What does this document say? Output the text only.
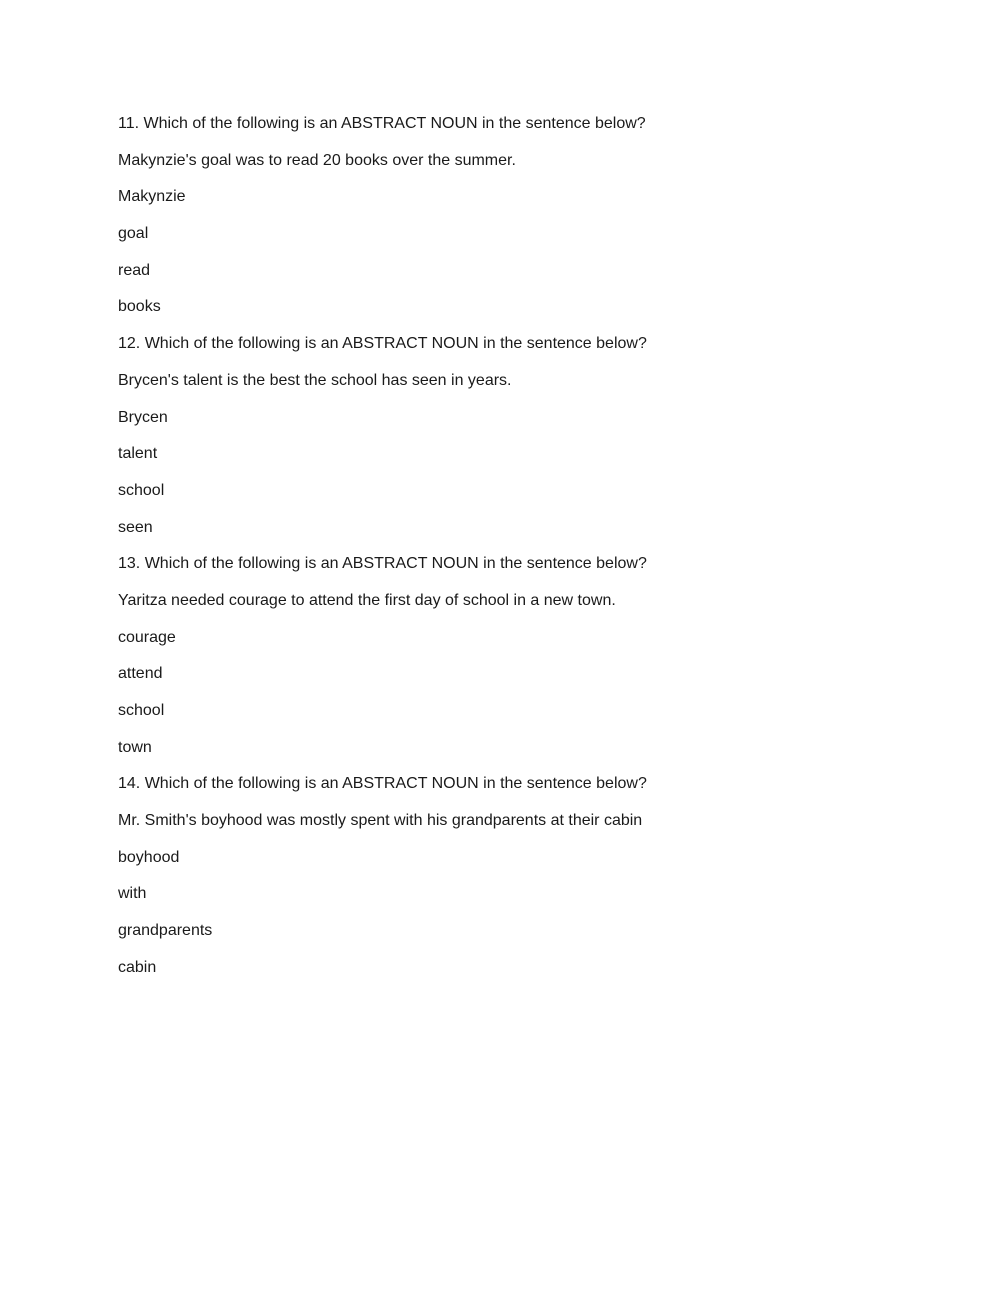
11. Which of the following is an ABSTRACT NOUN in the sentence below?
Makynzie's goal was to read 20 books over the summer.
Makynzie
goal
read
books
12. Which of the following is an ABSTRACT NOUN in the sentence below?
Brycen's talent is the best the school has seen in years.
Brycen
talent
school
seen
13. Which of the following is an ABSTRACT NOUN in the sentence below?
Yaritza needed courage to attend the first day of school in a new town.
courage
attend
school
town
14. Which of the following is an ABSTRACT NOUN in the sentence below?
Mr. Smith's boyhood was mostly spent with his grandparents at their cabin
boyhood
with
grandparents
cabin
